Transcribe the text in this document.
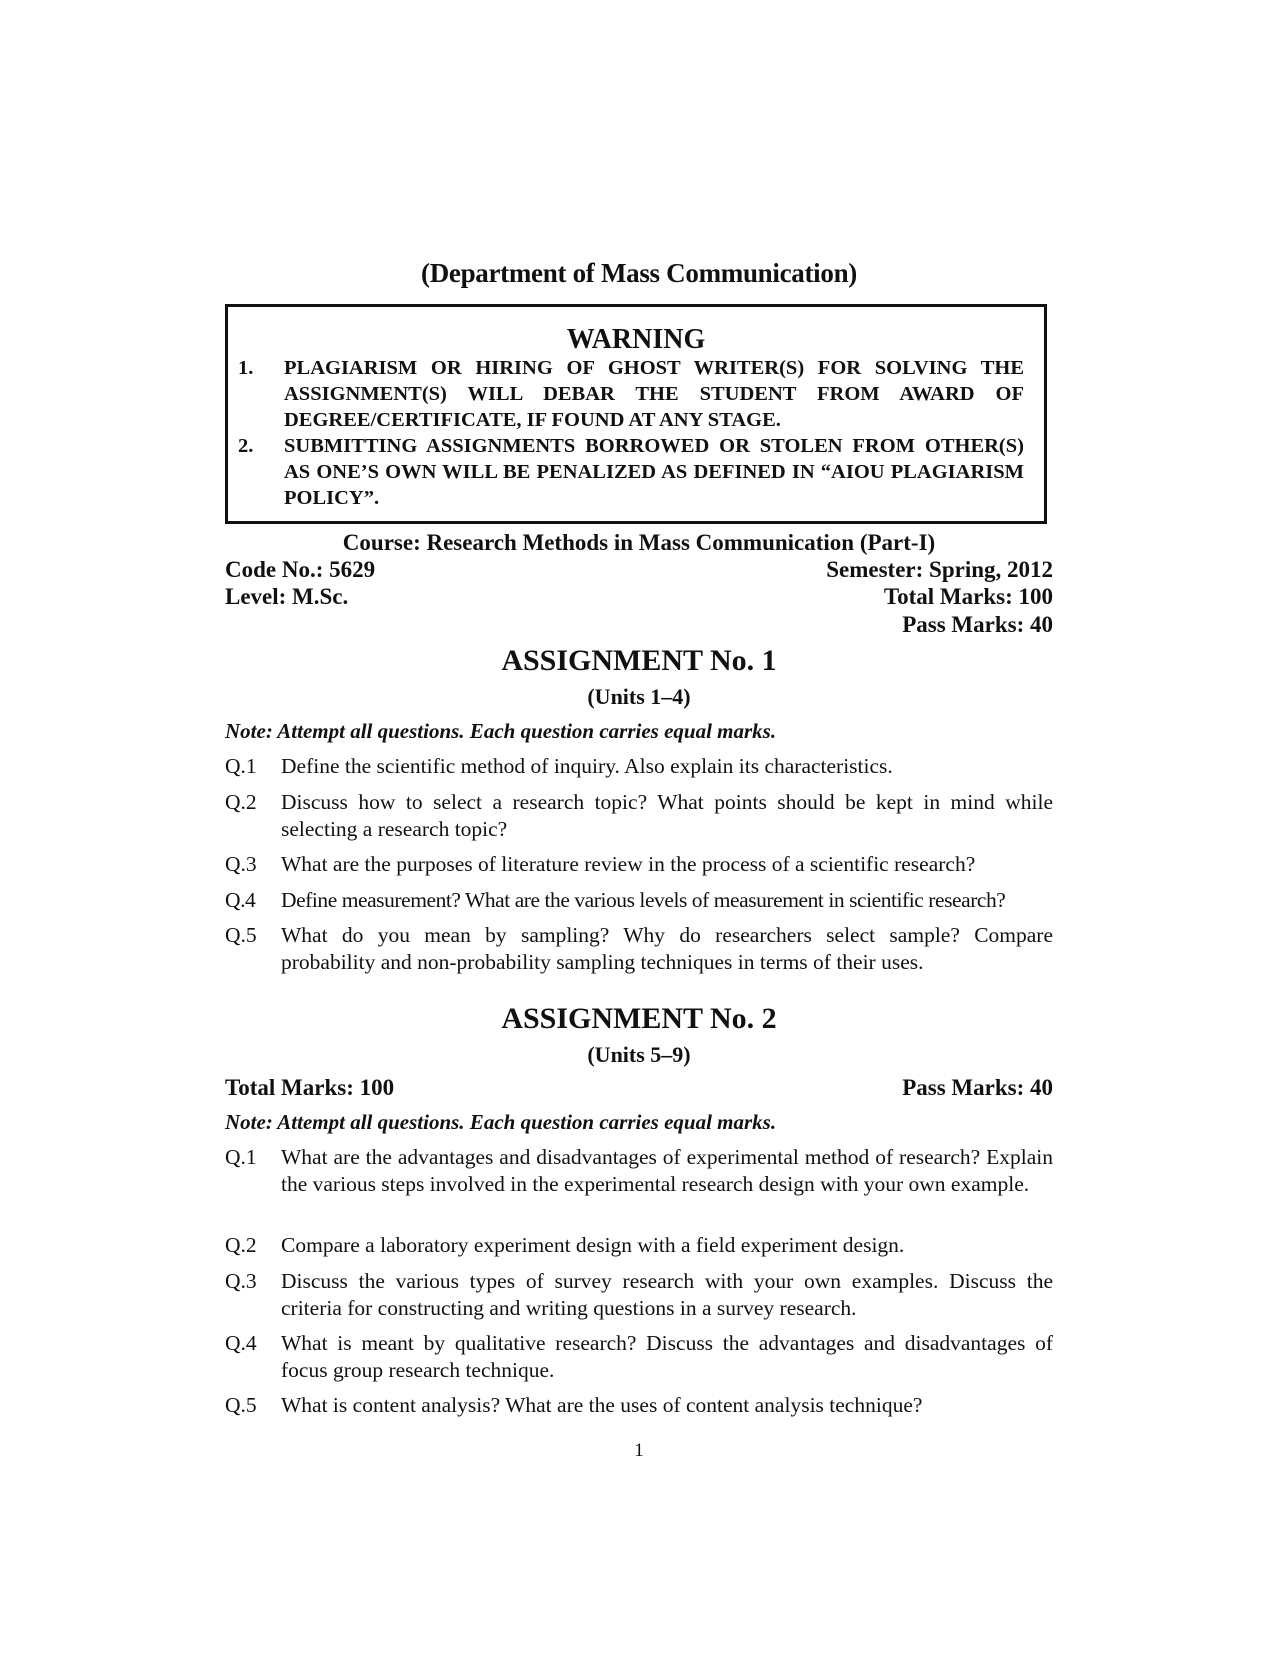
(Department of Mass Communication)
WARNING
1. PLAGIARISM OR HIRING OF GHOST WRITER(S) FOR SOLVING THE ASSIGNMENT(S) WILL DEBAR THE STUDENT FROM AWARD OF DEGREE/CERTIFICATE, IF FOUND AT ANY STAGE.
2. SUBMITTING ASSIGNMENTS BORROWED OR STOLEN FROM OTHER(S) AS ONE’S OWN WILL BE PENALIZED AS DEFINED IN “AIOU PLAGIARISM POLICY”.
Course: Research Methods in Mass Communication (Part-I)
Code No.: 5629	Semester: Spring, 2012
Level: M.Sc.	Total Marks: 100
Pass Marks: 40
ASSIGNMENT No. 1
(Units 1–4)
Note: Attempt all questions. Each question carries equal marks.
Q.1 Define the scientific method of inquiry. Also explain its characteristics.
Q.2 Discuss how to select a research topic? What points should be kept in mind while selecting a research topic?
Q.3 What are the purposes of literature review in the process of a scientific research?
Q.4 Define measurement? What are the various levels of measurement in scientific research?
Q.5 What do you mean by sampling? Why do researchers select sample? Compare probability and non-probability sampling techniques in terms of their uses.
ASSIGNMENT No. 2
(Units 5–9)
Total Marks: 100	Pass Marks: 40
Note: Attempt all questions. Each question carries equal marks.
Q.1 What are the advantages and disadvantages of experimental method of research? Explain the various steps involved in the experimental research design with your own example.
Q.2 Compare a laboratory experiment design with a field experiment design.
Q.3 Discuss the various types of survey research with your own examples. Discuss the criteria for constructing and writing questions in a survey research.
Q.4 What is meant by qualitative research? Discuss the advantages and disadvantages of focus group research technique.
Q.5 What is content analysis? What are the uses of content analysis technique?
1
